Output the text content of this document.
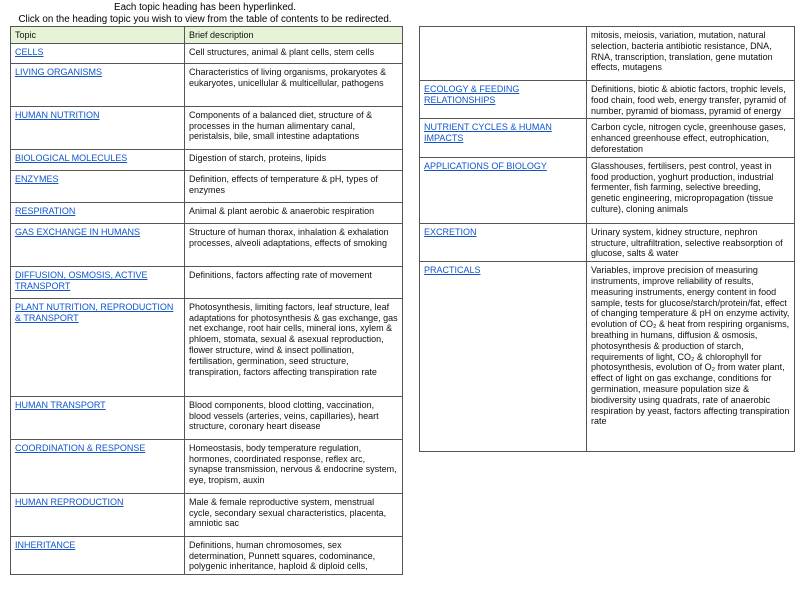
Each topic heading has been hyperlinked.
Click on the heading topic you wish to view from the table of contents to be redirected.
Topic	Brief description
CELLS	Cell structures, animal & plant cells, stem cells
LIVING ORGANISMS	Characteristics of living organisms, prokaryotes & eukaryotes, unicellular & multicellular, pathogens
HUMAN NUTRITION	Components of a balanced diet, structure of & processes in the human alimentary canal, peristalsis, bile, small intestine adaptations
BIOLOGICAL MOLECULES	Digestion of starch, proteins, lipids
ENZYMES	Definition, effects of temperature & pH, types of enzymes
RESPIRATION	Animal & plant aerobic & anaerobic respiration
GAS EXCHANGE IN HUMANS	Structure of human thorax, inhalation & exhalation processes, alveoli adaptations, effects of smoking
DIFFUSION, OSMOSIS, ACTIVE TRANSPORT	Definitions, factors affecting rate of movement
PLANT NUTRITION, REPRODUCTION & TRANSPORT	Photosynthesis, limiting factors, leaf structure, leaf adaptations for photosynthesis & gas exchange, gas net exchange, root hair cells, mineral ions, xylem & phloem, stomata, sexual & asexual reproduction, flower structure, wind & insect pollination, fertilisation, germination, seed structure, transpiration, factors affecting transpiration rate
HUMAN TRANSPORT	Blood components, blood clotting, vaccination, blood vessels (arteries, veins, capillaries), heart structure, coronary heart disease
COORDINATION & RESPONSE	Homeostasis, body temperature regulation, hormones, coordinated response, reflex arc, synapse transmission, nervous & endocrine system, eye, tropism, auxin
HUMAN REPRODUCTION	Male & female reproductive system, menstrual cycle, secondary sexual characteristics, placenta, amniotic sac
INHERITANCE	Definitions, human chromosomes, sex determination, Punnett squares, codominance, polygenic inheritance, haploid & diploid cells,
	mitosis, meiosis, variation, mutation, natural selection, bacteria antibiotic resistance, DNA, RNA, transcription, translation, gene mutation effects, mutagens
ECOLOGY & FEEDING RELATIONSHIPS	Definitions, biotic & abiotic factors, trophic levels, food chain, food web, energy transfer, pyramid of number, pyramid of biomass, pyramid of energy
NUTRIENT CYCLES & HUMAN IMPACTS	Carbon cycle, nitrogen cycle, greenhouse gases, enhanced greenhouse effect, eutrophication, deforestation
APPLICATIONS OF BIOLOGY	Glasshouses, fertilisers, pest control, yeast in food production, yoghurt production, industrial fermenter, fish farming, selective breeding, genetic engineering, micropropagation (tissue culture), cloning animals
EXCRETION	Urinary system, kidney structure, nephron structure, ultrafiltration, selective reabsorption of glucose, salts & water
PRACTICALS	Variables, improve precision of measuring instruments, improve reliability of results, measuring instruments, energy content in food sample, tests for glucose/starch/protein/fat, effect of changing temperature & pH on enzyme activity, evolution of CO₂ & heat from respiring organisms, breathing in humans, diffusion & osmosis, photosynthesis & production of starch, requirements of light, CO₂ & chlorophyll for photosynthesis, evolution of O₂ from water plant, effect of light on gas exchange, conditions for germination, measure population size & biodiversity using quadrats, rate of anaerobic respiration by yeast, factors affecting transpiration rate
